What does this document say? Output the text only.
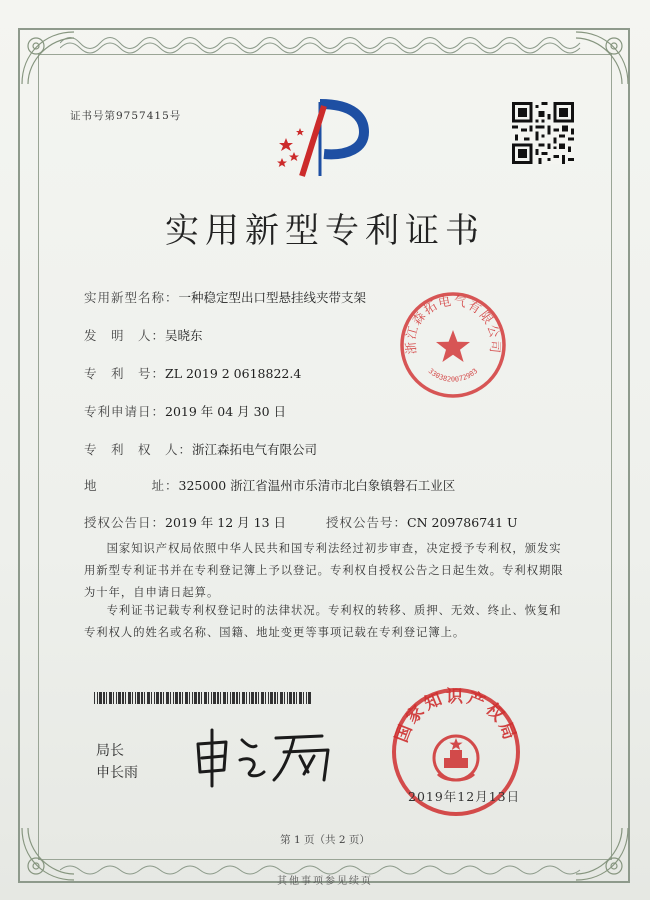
证书号第9757415号
实用新型专利证书
实用新型名称：一种稳定型出口型悬挂线夹带支架
发　明　人：吴晓东
专　利　号：ZL 2019 2 0618822.4
专利申请日：2019 年 04 月 30 日
专　利　权　人：浙江森拓电气有限公司
地　　　　址：325000 浙江省温州市乐清市北白象镇磐石工业区
授权公告日：2019 年 12 月 13 日	授权公告号：CN 209786741 U
国家知识产权局依照中华人民共和国专利法经过初步审查，决定授予专利权，颁发实用新型专利证书并在专利登记簿上予以登记。专利权自授权公告之日起生效。专利权期限为十年，自申请日起算。
专利证书记载专利权登记时的法律状况。专利权的转移、质押、无效、终止、恢复和专利权人的姓名或名称、国籍、地址变更等事项记载在专利登记簿上。
浙江森拓电气有限公司
3303820072903
局长
申长雨
国家知识产权局
2019年12月13日
第 1 页（共 2 页）
其他事项参见续页
